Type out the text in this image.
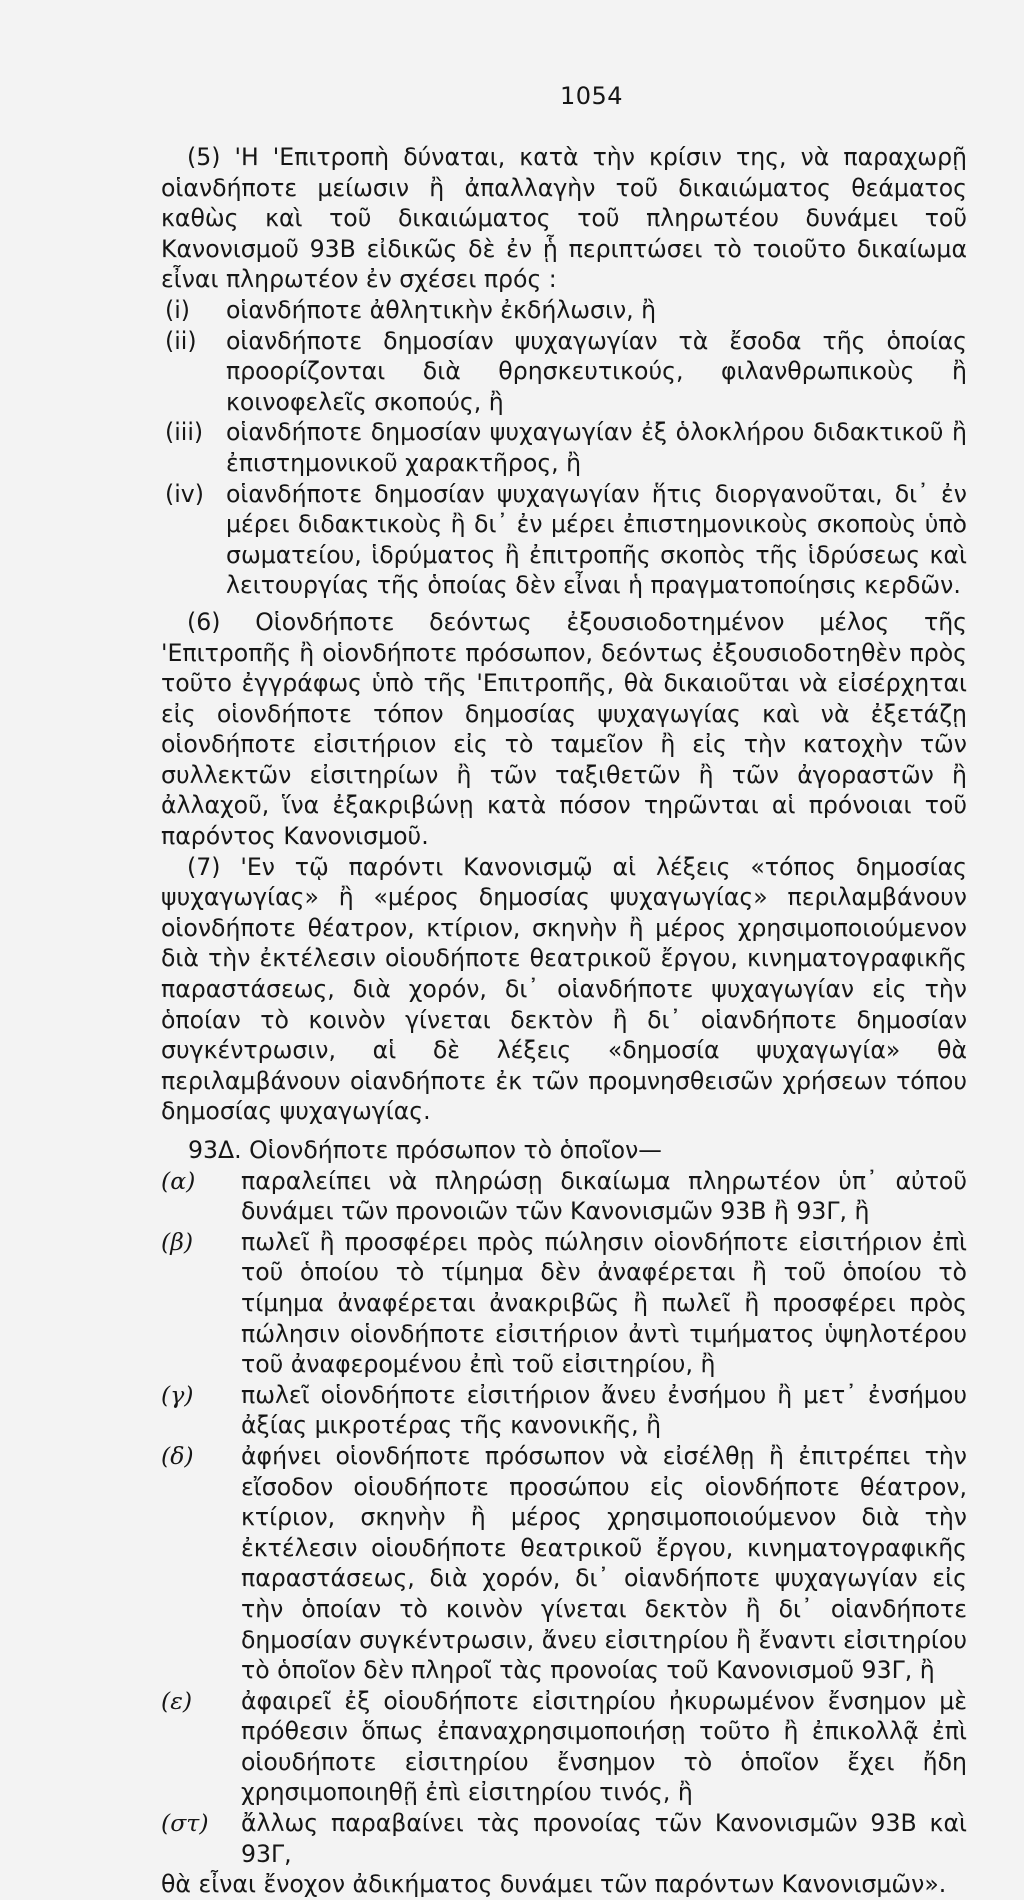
1054

(5) 'Η 'Επιτροπὴ δύναται, κατὰ τὴν κρίσιν της, νὰ παραχωρῇ οἱανδήποτε μείωσιν ἢ ἀπαλλαγὴν τοῦ δικαιώματος θεάματος καθὼς καὶ τοῦ δικαιώματος τοῦ πληρωτέου δυνάμει τοῦ Κανονισμοῦ 93Β εἰδικῶς δὲ ἐν ᾗ περιπτώσει τὸ τοιοῦτο δικαίωμα εἶναι πληρωτέον ἐν σχέσει πρός :

(i) οἱανδήποτε ἀθλητικὴν ἐκδήλωσιν, ἢ
(ii) οἱανδήποτε δημοσίαν ψυχαγωγίαν τὰ ἔσοδα τῆς ὁποίας προορίζονται διὰ θρησκευτικούς, φιλανθρωπικοὺς ἢ κοινοφελεῖς σκοπούς, ἢ
(iii) οἱανδήποτε δημοσίαν ψυχαγωγίαν ἐξ ὁλοκλήρου διδακτικοῦ ἢ ἐπιστημονικοῦ χαρακτῆρος, ἢ
(iv) οἱανδήποτε δημοσίαν ψυχαγωγίαν ἥτις διοργανοῦται, δι᾽ ἐν μέρει διδακτικοὺς ἢ δι᾽ ἐν μέρει ἐπιστημονικοὺς σκοποὺς ὑπὸ σωματείου, ἱδρύματος ἢ ἐπιτροπῆς σκοπὸς τῆς ἱδρύσεως καὶ λειτουργίας τῆς ὁποίας δὲν εἶναι ἡ πραγματοποίησις κερδῶν.

(6) Οἱονδήποτε δεόντως ἐξουσιοδοτημένον μέλος τῆς 'Επιτροπῆς ἢ οἱονδήποτε πρόσωπον, δεόντως ἐξουσιοδοτηθὲν πρὸς τοῦτο ἐγγράφως ὑπὸ τῆς 'Επιτροπῆς, θὰ δικαιοῦται νὰ εἰσέρχηται εἰς οἱονδήποτε τόπον δημοσίας ψυχαγωγίας καὶ νὰ ἐξετάζῃ οἱονδήποτε εἰσιτήριον εἰς τὸ ταμεῖον ἢ εἰς τὴν κατοχὴν τῶν συλλεκτῶν εἰσιτηρίων ἢ τῶν ταξιθετῶν ἢ τῶν ἀγοραστῶν ἢ ἀλλαχοῦ, ἵνα ἐξακριβώνῃ κατὰ πόσον τηρῶνται αἱ πρόνοιαι τοῦ παρόντος Κανονισμοῦ.

(7) 'Εν τῷ παρόντι Κανονισμῷ αἱ λέξεις «τόπος δημοσίας ψυχαγωγίας» ἢ «μέρος δημοσίας ψυχαγωγίας» περιλαμβάνουν οἱονδήποτε θέατρον, κτίριον, σκηνὴν ἢ μέρος χρησιμοποιούμενον διὰ τὴν ἐκτέλεσιν οἱουδήποτε θεατρικοῦ ἔργου, κινηματογραφικῆς παραστάσεως, διὰ χορόν, δι᾽ οἱανδήποτε ψυχαγωγίαν εἰς τὴν ὁποίαν τὸ κοινὸν γίνεται δεκτὸν ἢ δι᾽ οἱανδήποτε δημοσίαν συγκέντρωσιν, αἱ δὲ λέξεις «δημοσία ψυχαγωγία» θὰ περιλαμβάνουν οἱανδήποτε ἐκ τῶν προμνησθεισῶν χρήσεων τόπου δημοσίας ψυχαγωγίας.

93Δ. Οἱονδήποτε πρόσωπον τὸ ὁποῖον—

(α) παραλείπει νὰ πληρώσῃ δικαίωμα πληρωτέον ὑπ᾽ αὐτοῦ δυνάμει τῶν προνοιῶν τῶν Κανονισμῶν 93Β ἢ 93Γ, ἢ
(β) πωλεῖ ἢ προσφέρει πρὸς πώλησιν οἱονδήποτε εἰσιτήριον ἐπὶ τοῦ ὁποίου τὸ τίμημα δὲν ἀναφέρεται ἢ τοῦ ὁποίου τὸ τίμημα ἀναφέρεται ἀνακριβῶς ἢ πωλεῖ ἢ προσφέρει πρὸς πώλησιν οἱονδήποτε εἰσιτήριον ἀντὶ τιμήματος ὑψηλοτέρου τοῦ ἀναφερομένου ἐπὶ τοῦ εἰσιτηρίου, ἢ
(γ) πωλεῖ οἱονδήποτε εἰσιτήριον ἄνευ ἐνσήμου ἢ μετ᾽ ἐνσήμου ἀξίας μικροτέρας τῆς κανονικῆς, ἢ
(δ) ἀφήνει οἱονδήποτε πρόσωπον νὰ εἰσέλθῃ ἢ ἐπιτρέπει τὴν εἴσοδον οἱουδήποτε προσώπου εἰς οἱονδήποτε θέατρον, κτίριον, σκηνὴν ἢ μέρος χρησιμοποιούμενον διὰ τὴν ἐκτέλεσιν οἱουδήποτε θεατρικοῦ ἔργου, κινηματογραφικῆς παραστάσεως, διὰ χορόν, δι᾽ οἱανδήποτε ψυχαγωγίαν εἰς τὴν ὁποίαν τὸ κοινὸν γίνεται δεκτὸν ἢ δι᾽ οἱανδήποτε δημοσίαν συγκέντρωσιν, ἄνευ εἰσιτηρίου ἢ ἔναντι εἰσιτηρίου τὸ ὁποῖον δὲν πληροῖ τὰς προνοίας τοῦ Κανονισμοῦ 93Γ, ἢ
(ε) ἀφαιρεῖ ἐξ οἱουδήποτε εἰσιτηρίου ἠκυρωμένον ἔνσημον μὲ πρόθεσιν ὅπως ἐπαναχρησιμοποιήσῃ τοῦτο ἢ ἐπικολλᾷ ἐπὶ οἱουδήποτε εἰσιτηρίου ἔνσημον τὸ ὁποῖον ἔχει ἤδη χρησιμοποιηθῇ ἐπὶ εἰσιτηρίου τινός, ἢ
(στ) ἄλλως παραβαίνει τὰς προνοίας τῶν Κανονισμῶν 93Β καὶ 93Γ,

θὰ εἶναι ἔνοχον ἀδικήματος δυνάμει τῶν παρόντων Κανονισμῶν».
